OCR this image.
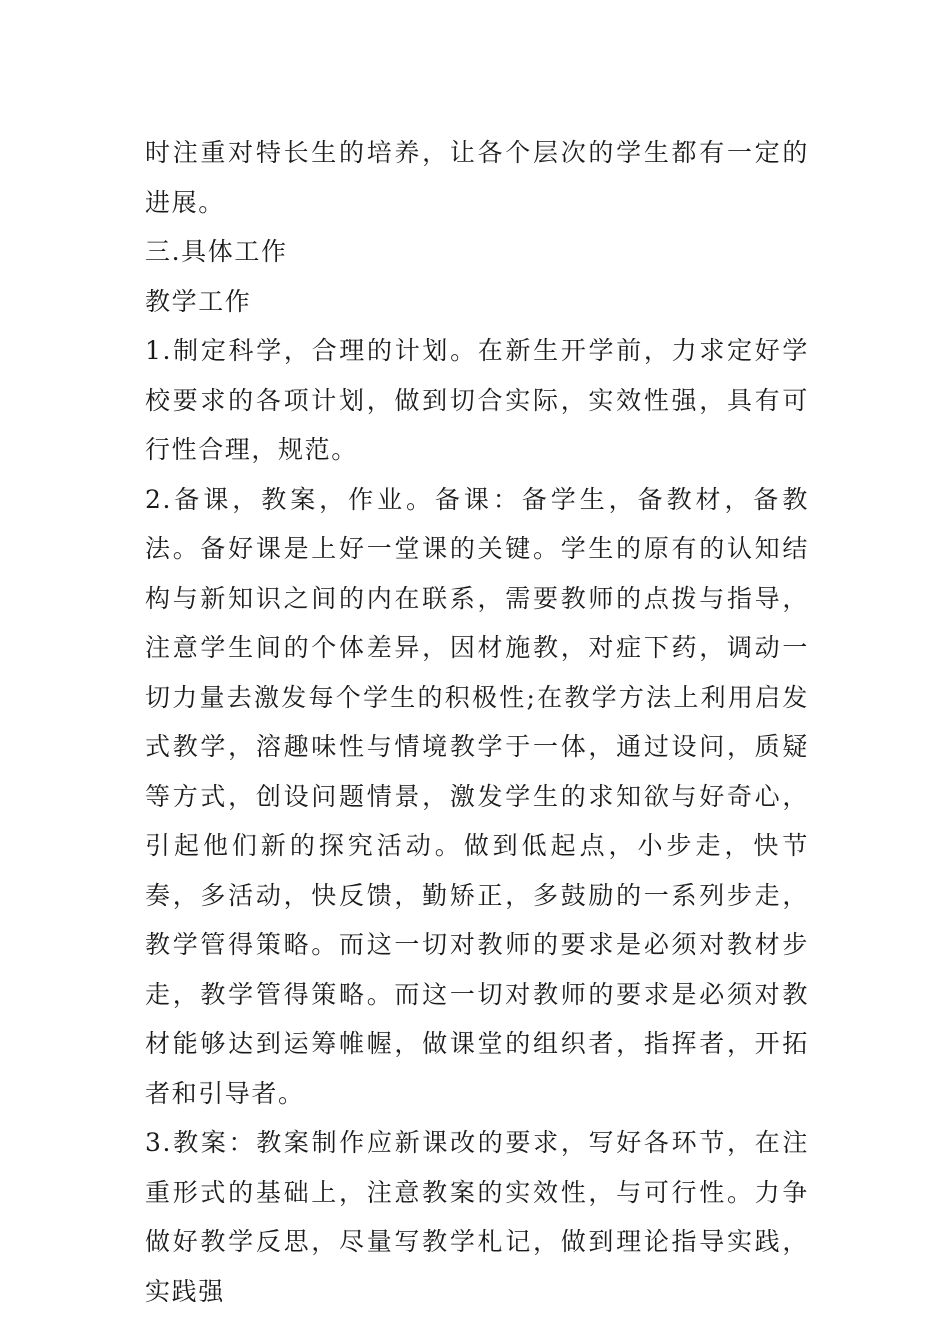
时注重对特长生的培养，让各个层次的学生都有一定的进展。

三.具体工作

教学工作

1.制定科学，合理的计划。在新生开学前，力求定好学校要求的各项计划，做到切合实际，实效性强，具有可行性合理，规范。

2.备课，教案，作业。备课：备学生，备教材，备教法。备好课是上好一堂课的关键。学生的原有的认知结构与新知识之间的内在联系，需要教师的点拨与指导，注意学生间的个体差异，因材施教，对症下药，调动一切力量去激发每个学生的积极性;在教学方法上利用启发式教学，溶趣味性与情境教学于一体，通过设问，质疑等方式，创设问题情景，激发学生的求知欲与好奇心，引起他们新的探究活动。做到低起点，小步走，快节奏，多活动，快反馈，勤矫正，多鼓励的一系列步走，教学管得策略。而这一切对教师的要求是必须对教材步走，教学管得策略。而这一切对教师的要求是必须对教材能够达到运筹帷幄，做课堂的组织者，指挥者，开拓者和引导者。

3.教案：教案制作应新课改的要求，写好各环节，在注重形式的基础上，注意教案的实效性，与可行性。力争做好教学反思，尽量写教学札记，做到理论指导实践，实践强
